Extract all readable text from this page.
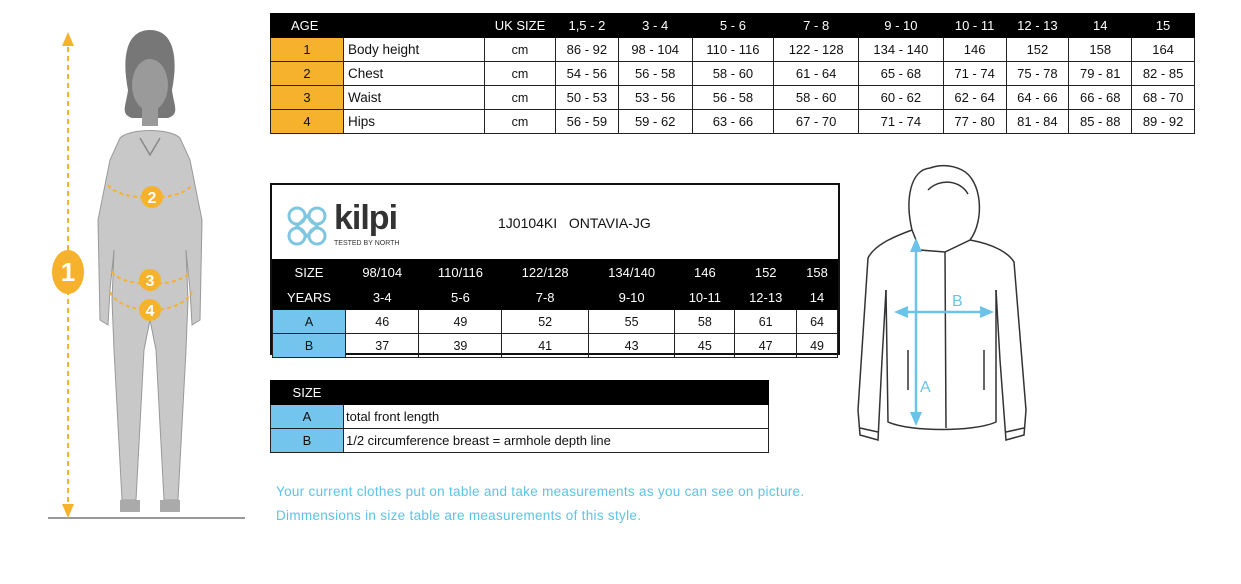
1
2
3
4
AGE		UK SIZE	1,5 - 2	3 - 4	5 - 6	7 - 8	9 - 10	10 - 11	12 - 13	14	15
1	Body height	cm	86 - 92	98 - 104	110 - 116	122 - 128	134 - 140	146	152	158	164
2	Chest	cm	54 - 56	56 - 58	58 - 60	61 - 64	65 - 68	71 - 74	75 - 78	79 - 81	82 - 85
3	Waist	cm	50 - 53	53 - 56	56 - 58	58 - 60	60 - 62	62 - 64	64 - 66	66 - 68	68 - 70
4	Hips	cm	56 - 59	59 - 62	63 - 66	67 - 70	71 - 74	77 - 80	81 - 84	85 - 88	89 - 92
kilpi
TESTED BY NORTH
1J0104KI ONTAVIA-JG
SIZE	98/104	110/116	122/128	134/140	146	152	158
YEARS	3-4	5-6	7-8	9-10	10-11	12-13	14
A	46	49	52	55	58	61	64
B	37	39	41	43	45	47	49
A
B
SIZE	
A	total front length
B	1/2 circumference breast = armhole depth line
Your current clothes put on table and take measurements as you can see on picture.
Dimmensions in size table are measurements of this style.
